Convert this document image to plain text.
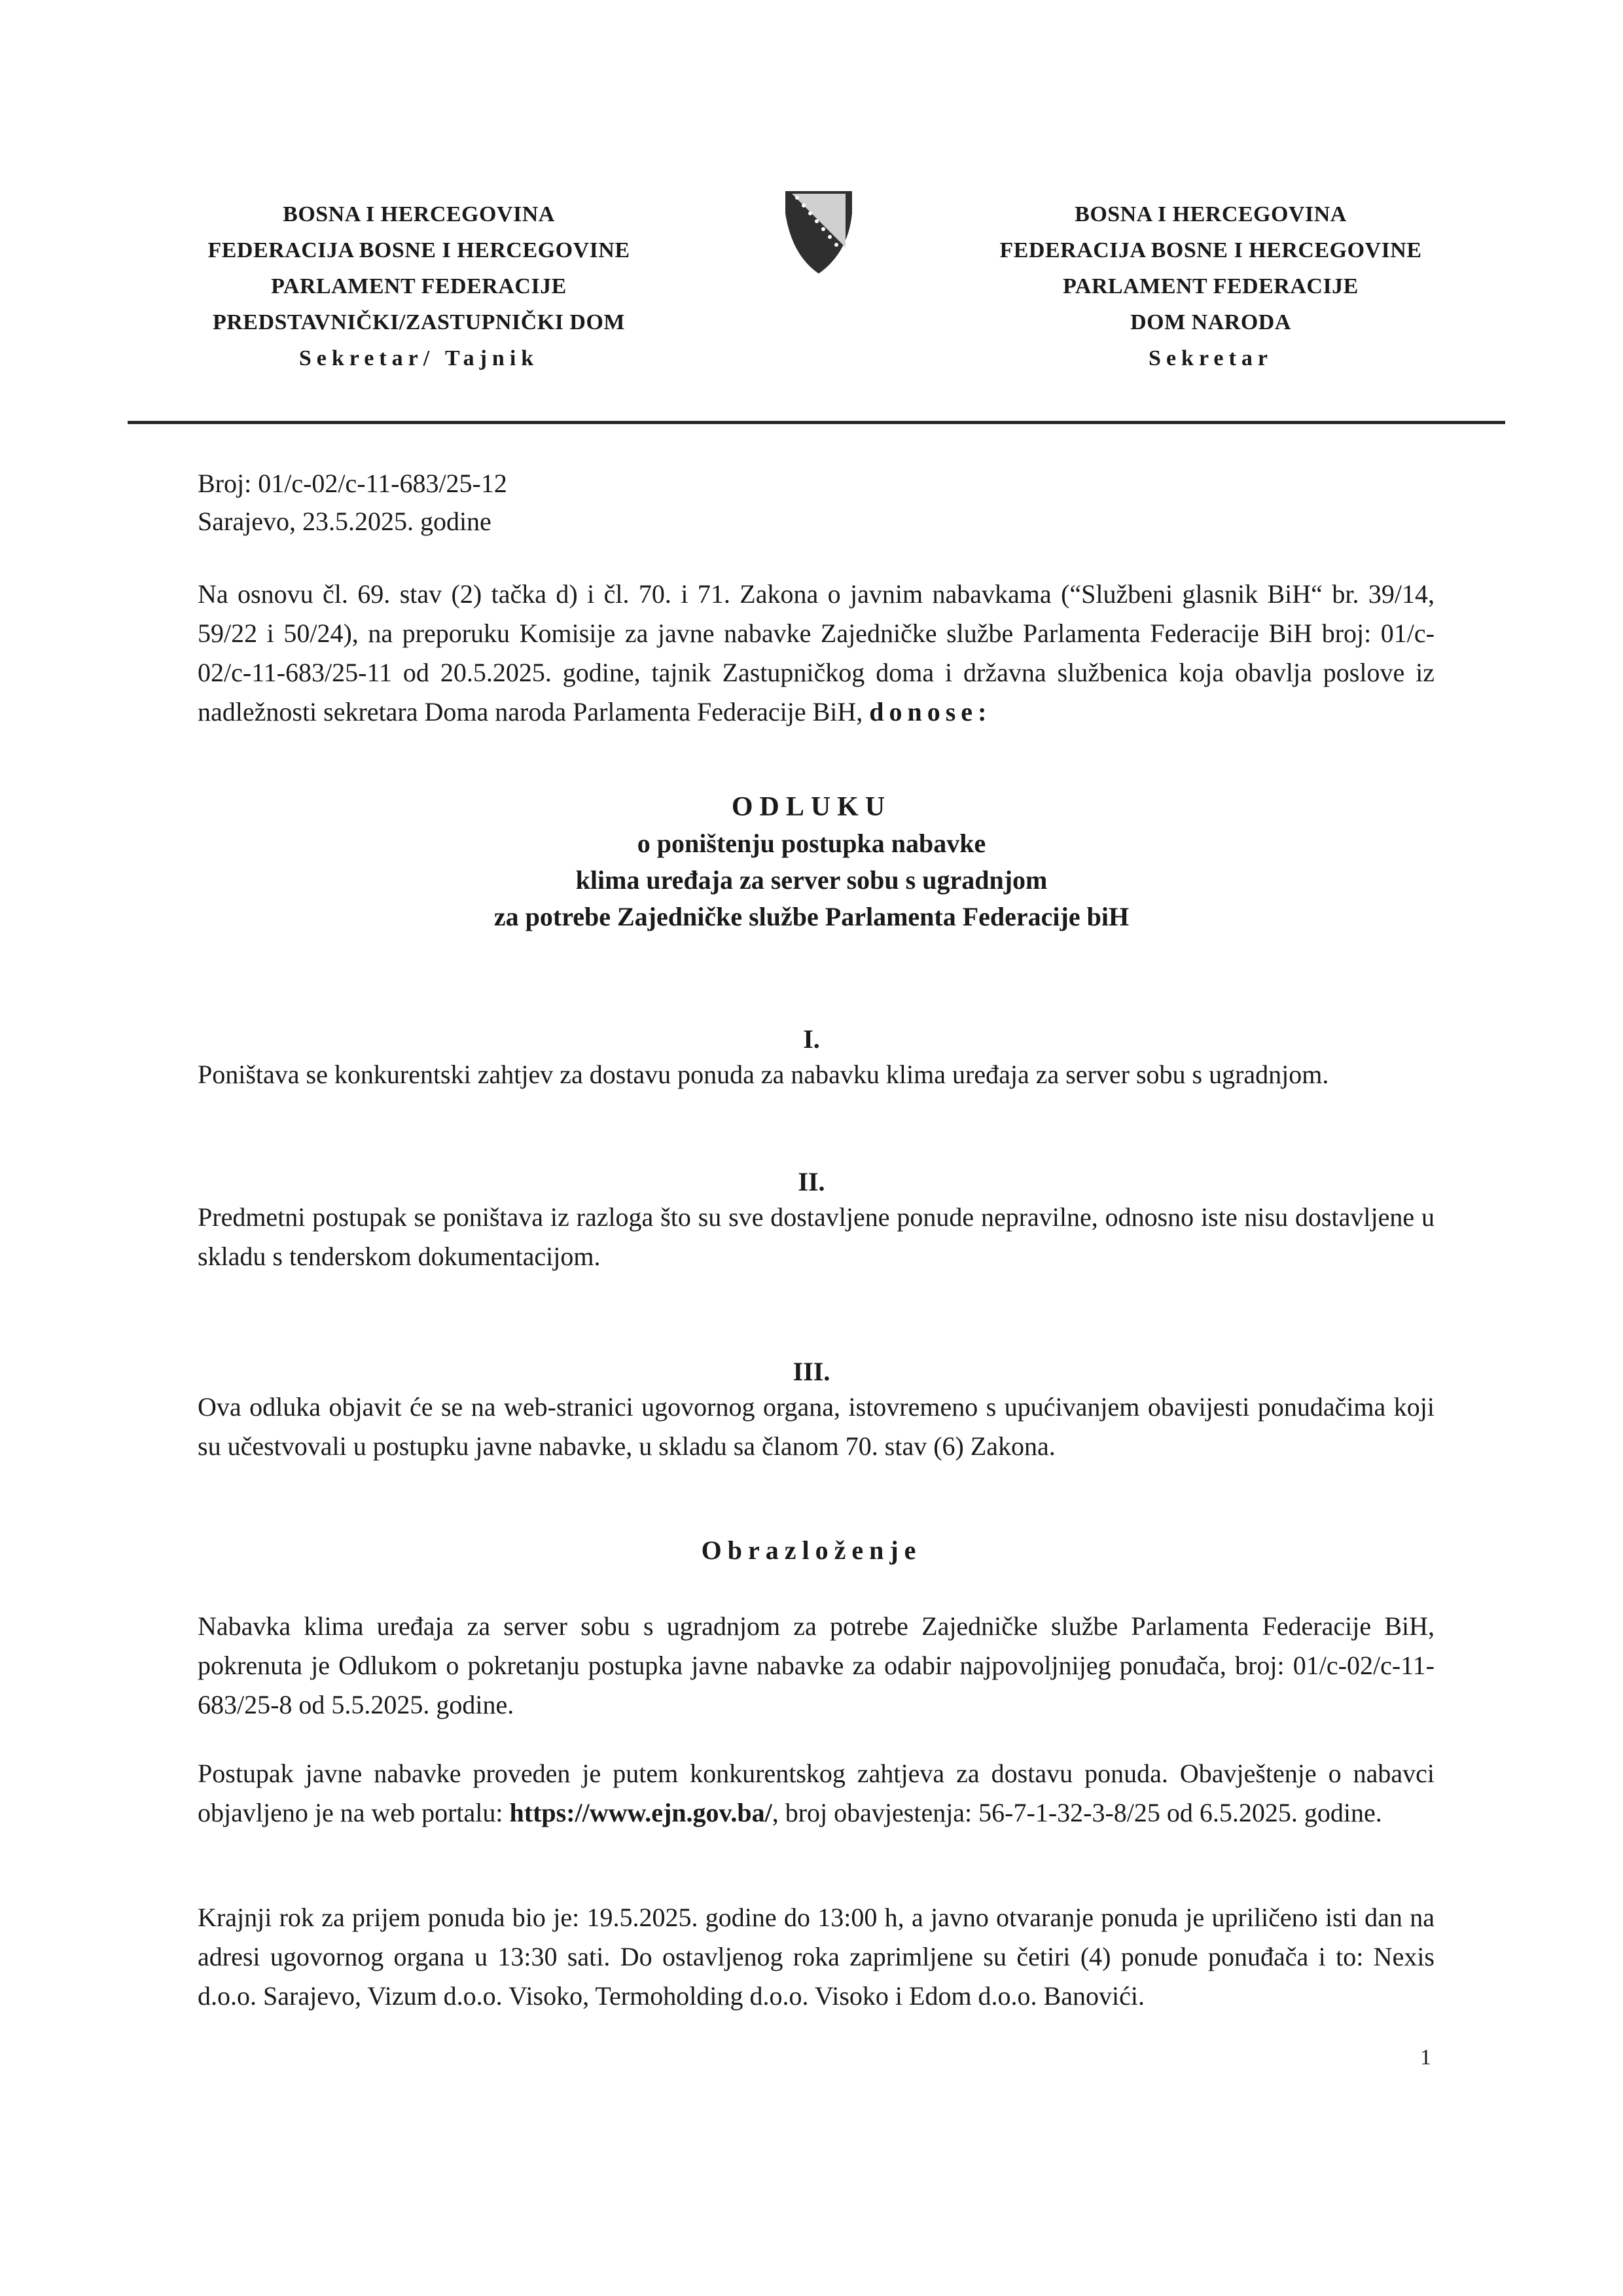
BOSNA I HERCEGOVINA
FEDERACIJA BOSNE I HERCEGOVINE
PARLAMENT FEDERACIJE
PREDSTAVNIČKI/ZASTUPNIČKI DOM
Sekretar/ Tajnik
BOSNA I HERCEGOVINA
FEDERACIJA BOSNE I HERCEGOVINE
PARLAMENT FEDERACIJE
DOM NARODA
Sekretar
Broj: 01/c-02/c-11-683/25-12
Sarajevo, 23.5.2025. godine
Na osnovu čl. 69. stav (2) tačka d) i čl. 70. i 71. Zakona o javnim nabavkama (“Službeni glasnik BiH“ br. 39/14, 59/22 i 50/24), na preporuku Komisije za javne nabavke Zajedničke službe Parlamenta Federacije BiH broj: 01/c-02/c-11-683/25-11 od 20.5.2025. godine, tajnik Zastupničkog doma i državna službenica koja obavlja poslove iz nadležnosti sekretara Doma naroda Parlamenta Federacije BiH, donose:
ODLUKU
o poništenju postupka nabavke
klima uređaja za server sobu s ugradnjom
za potrebe Zajedničke službe Parlamenta Federacije biH
I.
Poništava se konkurentski zahtjev za dostavu ponuda za nabavku klima uređaja za server sobu s ugradnjom.
II.
Predmetni postupak se poništava iz razloga što su sve dostavljene ponude nepravilne, odnosno iste nisu dostavljene u skladu s tenderskom dokumentacijom.
III.
Ova odluka objavit će se na web-stranici ugovornog organa, istovremeno s upućivanjem obavijesti ponudačima koji su učestvovali u postupku javne nabavke, u skladu sa članom 70. stav (6) Zakona.
Obrazloženje
Nabavka klima uređaja za server sobu s ugradnjom za potrebe Zajedničke službe Parlamenta Federacije BiH, pokrenuta je Odlukom o pokretanju postupka javne nabavke za odabir najpovoljnijeg ponuđača, broj: 01/c-02/c-11-683/25-8 od 5.5.2025. godine.
Postupak javne nabavke proveden je putem konkurentskog zahtjeva za dostavu ponuda. Obavještenje o nabavci objavljeno je na web portalu: https://www.ejn.gov.ba/, broj obavjestenja: 56-7-1-32-3-8/25 od 6.5.2025. godine.
Krajnji rok za prijem ponuda bio je: 19.5.2025. godine do 13:00 h, a javno otvaranje ponuda je upriličeno isti dan na adresi ugovornog organa u 13:30 sati. Do ostavljenog roka zaprimljene su četiri (4) ponude ponuđača i to: Nexis d.o.o. Sarajevo, Vizum d.o.o. Visoko, Termoholding d.o.o. Visoko i Edom d.o.o. Banovići.
1
